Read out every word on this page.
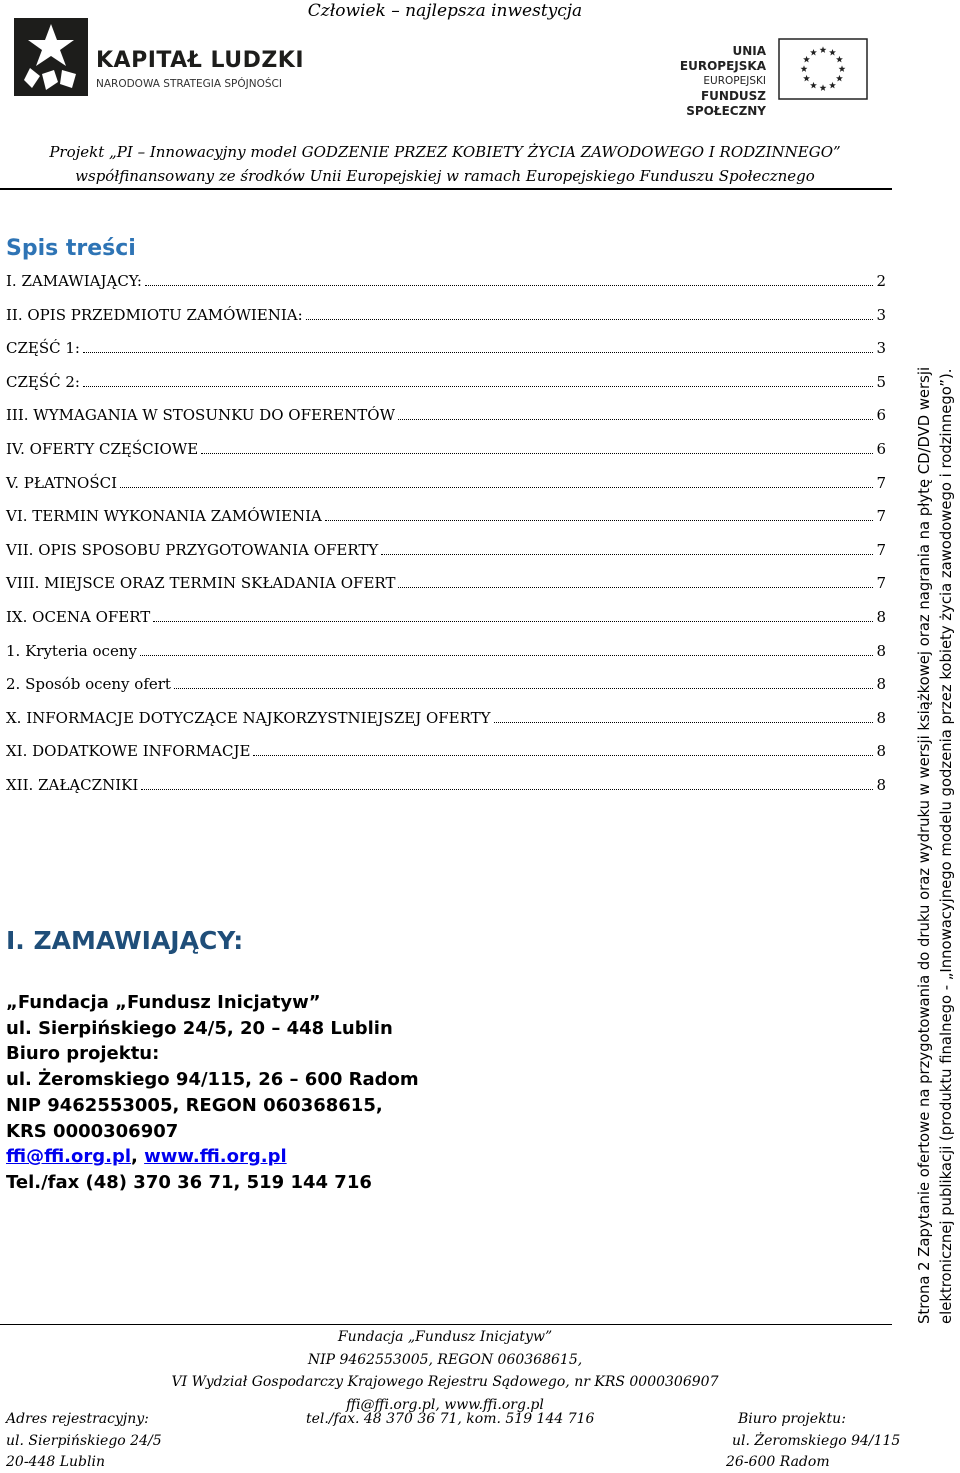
Człowiek – najlepsza inwestycja
KAPITAŁ LUDZKI
NARODOWA STRATEGIA SPÓJNOŚCI
UNIA EUROPEJSKA
EUROPEJSKI
FUNDUSZ SPOŁECZNY
Projekt „PI – Innowacyjny model GODZENIE PRZEZ KOBIETY ŻYCIA ZAWODOWEGO I RODZINNEGO”
współfinansowany ze środków Unii Europejskiej w ramach Europejskiego Funduszu Społecznego
Spis treści
I. ZAMAWIAJĄCY:	2
II. OPIS PRZEDMIOTU ZAMÓWIENIA:	3
CZĘŚĆ 1:	3
CZĘŚĆ 2:	5
III. WYMAGANIA W STOSUNKU DO OFERENTÓW	6
IV. OFERTY CZĘŚCIOWE	6
V. PŁATNOŚCI	7
VI. TERMIN WYKONANIA ZAMÓWIENIA	7
VII. OPIS SPOSOBU PRZYGOTOWANIA OFERTY	7
VIII. MIEJSCE ORAZ TERMIN SKŁADANIA OFERT	7
IX. OCENA OFERT	8
1. Kryteria oceny	8
2. Sposób oceny ofert	8
X. INFORMACJE DOTYCZĄCE NAJKORZYSTNIEJSZEJ OFERTY	8
XI. DODATKOWE INFORMACJE	8
XII. ZAŁĄCZNIKI	8
I. ZAMAWIAJĄCY:
„Fundacja „Fundusz Inicjatyw”
ul. Sierpińskiego 24/5, 20 – 448 Lublin
Biuro projektu:
ul. Żeromskiego 94/115, 26 – 600 Radom
NIP 9462553005, REGON 060368615,
KRS 0000306907
ffi@ffi.org.pl, www.ffi.org.pl
Tel./fax (48) 370 36 71, 519 144 716	Strona 2 Zapytanie ofertowe na przygotowania do druku oraz wydruku w wersji książkowej oraz nagrania na płytę CD/DVD wersji elektronicznej publikacji (produktu finalnego - „Innowacyjnego modelu godzenia przez kobiety życia zawodowego i rodzinnego”).
Fundacja „Fundusz Inicjatyw”
NIP 9462553005, REGON 060368615,
VI Wydział Gospodarczy Krajowego Rejestru Sądowego, nr KRS 0000306907
ffi@ffi.org.pl, www.ffi.org.pl
Adres rejestracyjny:	tel./fax. 48 370 36 71, kom. 519 144 716	Biuro projektu:
ul. Sierpińskiego 24/5	ul. Żeromskiego 94/115
20-448 Lublin	26-600 Radom
